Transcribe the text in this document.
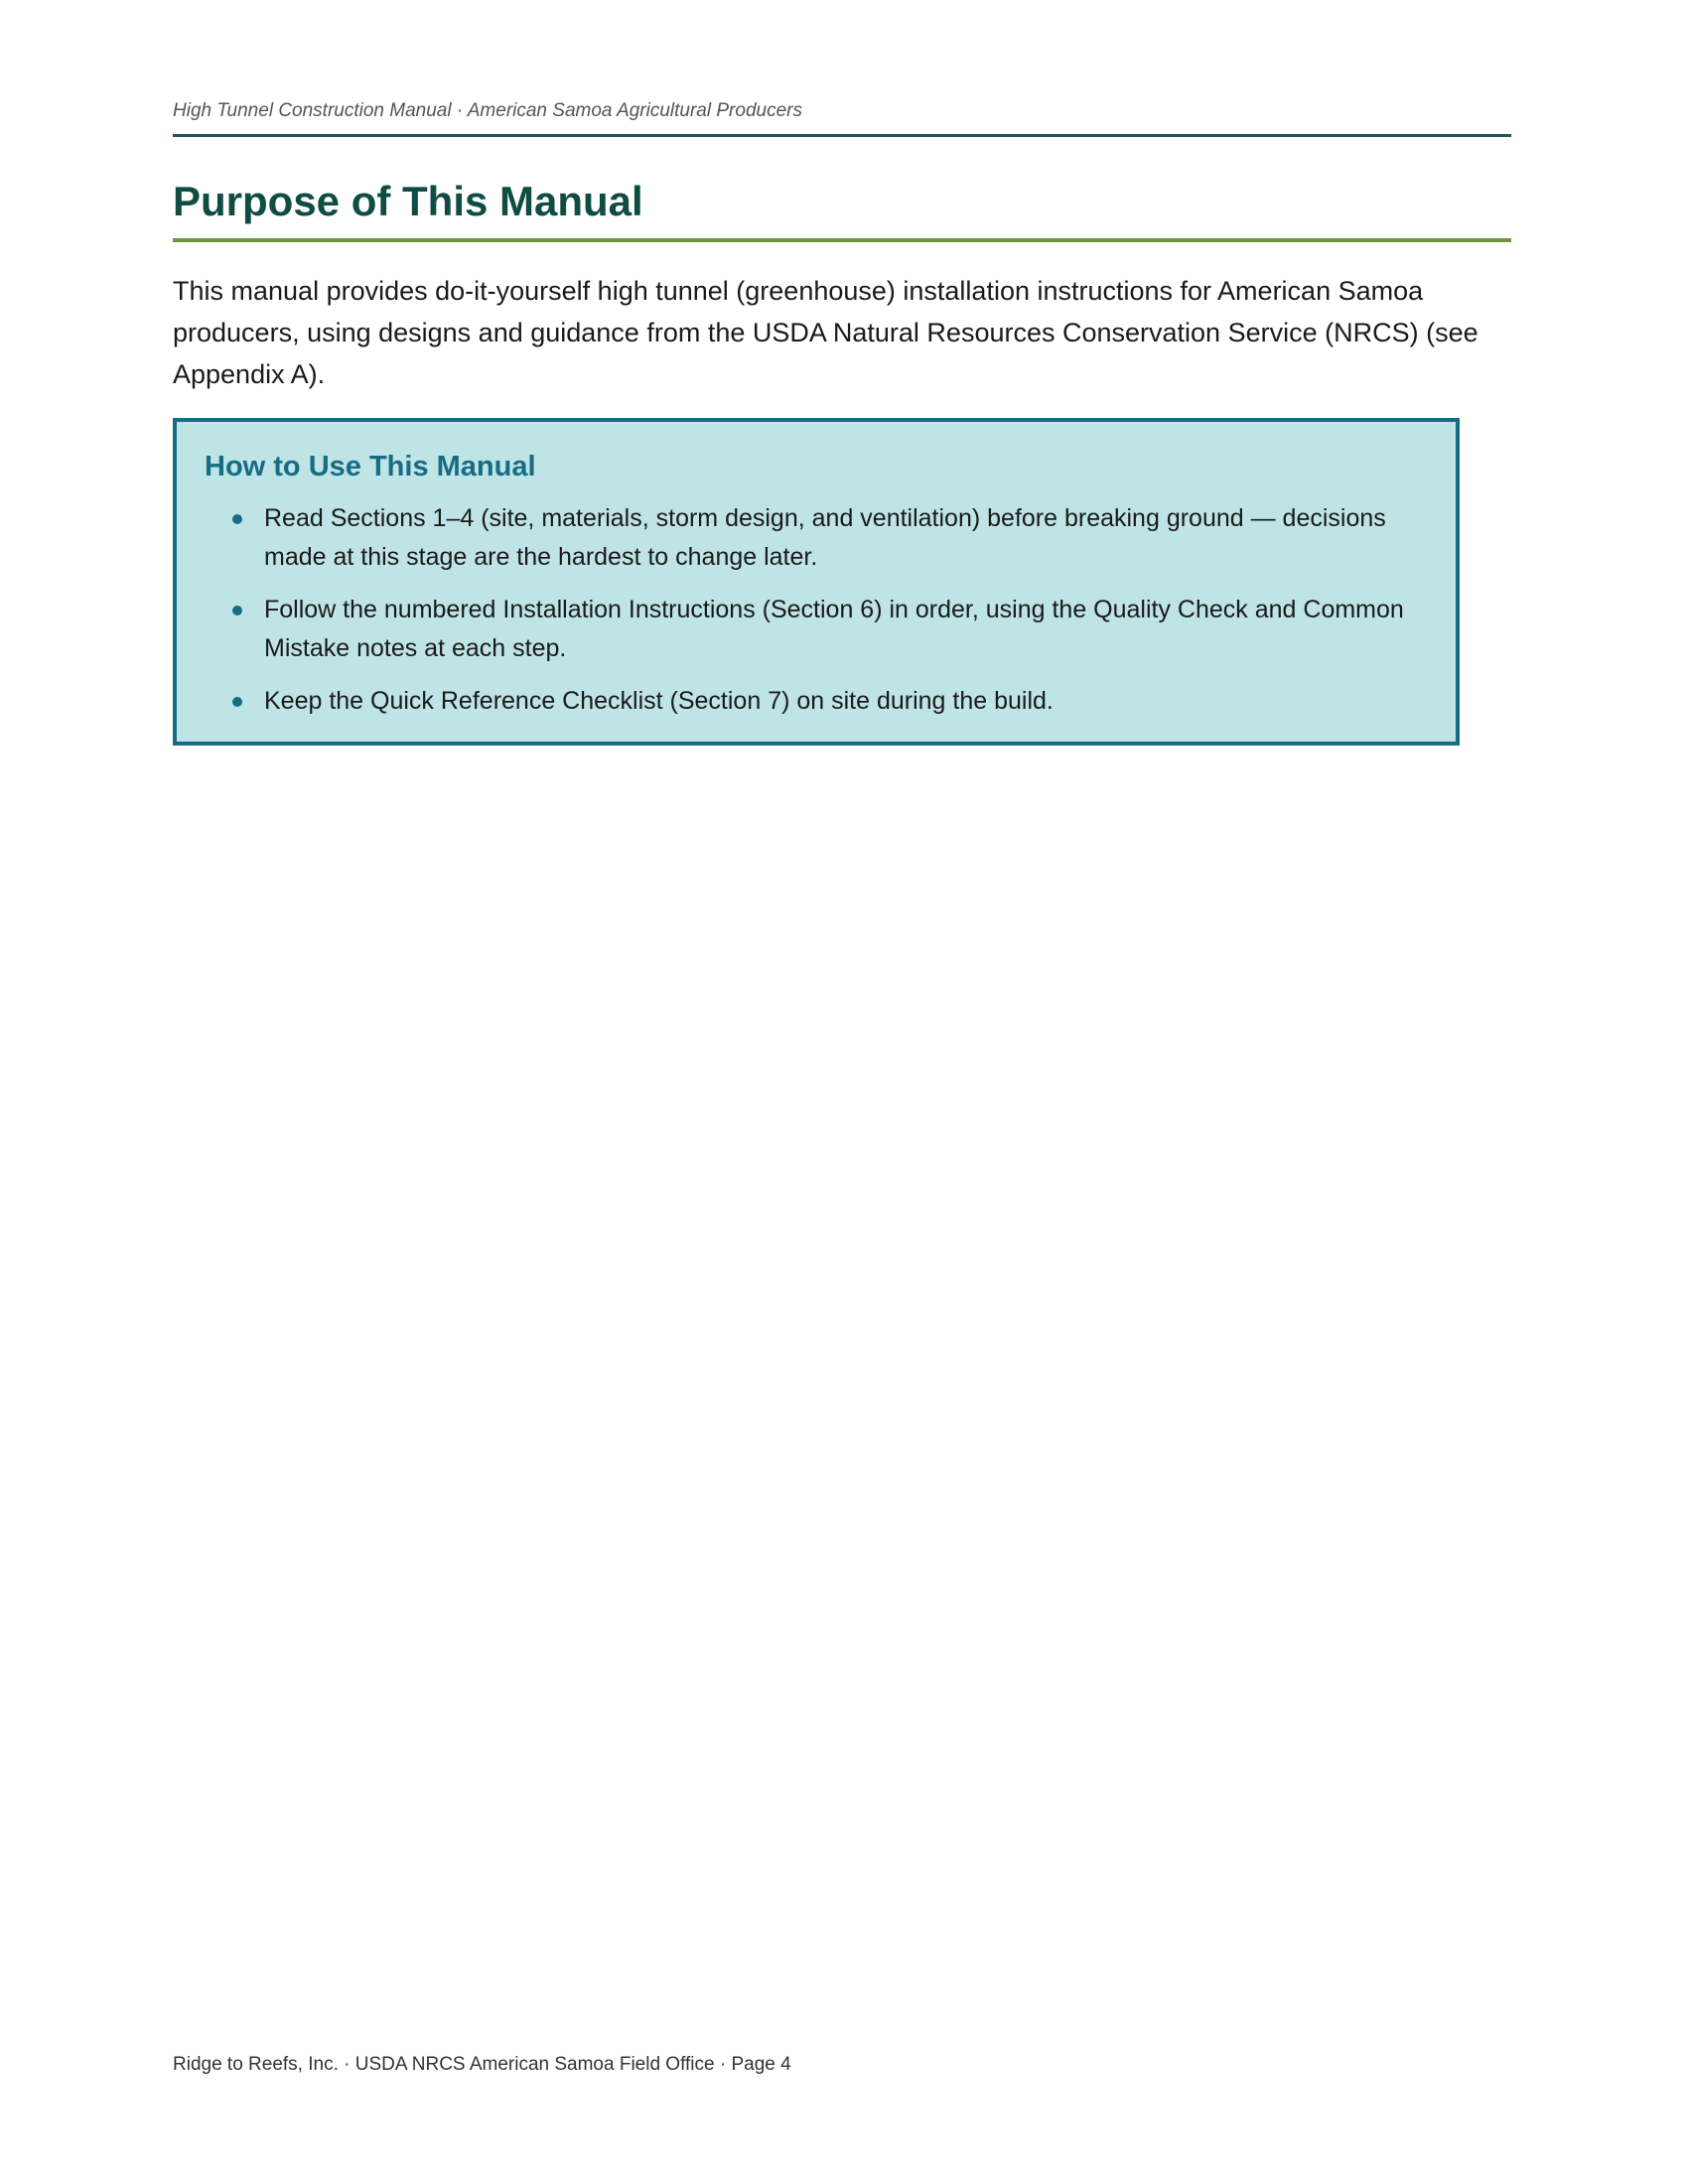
High Tunnel Construction Manual · American Samoa Agricultural Producers
Purpose of This Manual

This manual provides do-it-yourself high tunnel (greenhouse) installation instructions for American Samoa producers, using designs and guidance from the USDA Natural Resources Conservation Service (NRCS) (see Appendix A).

How to Use This Manual
Read Sections 1–4 (site, materials, storm design, and ventilation) before breaking ground — decisions made at this stage are the hardest to change later.
Follow the numbered Installation Instructions (Section 6) in order, using the Quality Check and Common Mistake notes at each step.
Keep the Quick Reference Checklist (Section 7) on site during the build.
Ridge to Reefs, Inc. · USDA NRCS American Samoa Field Office · Page 4
